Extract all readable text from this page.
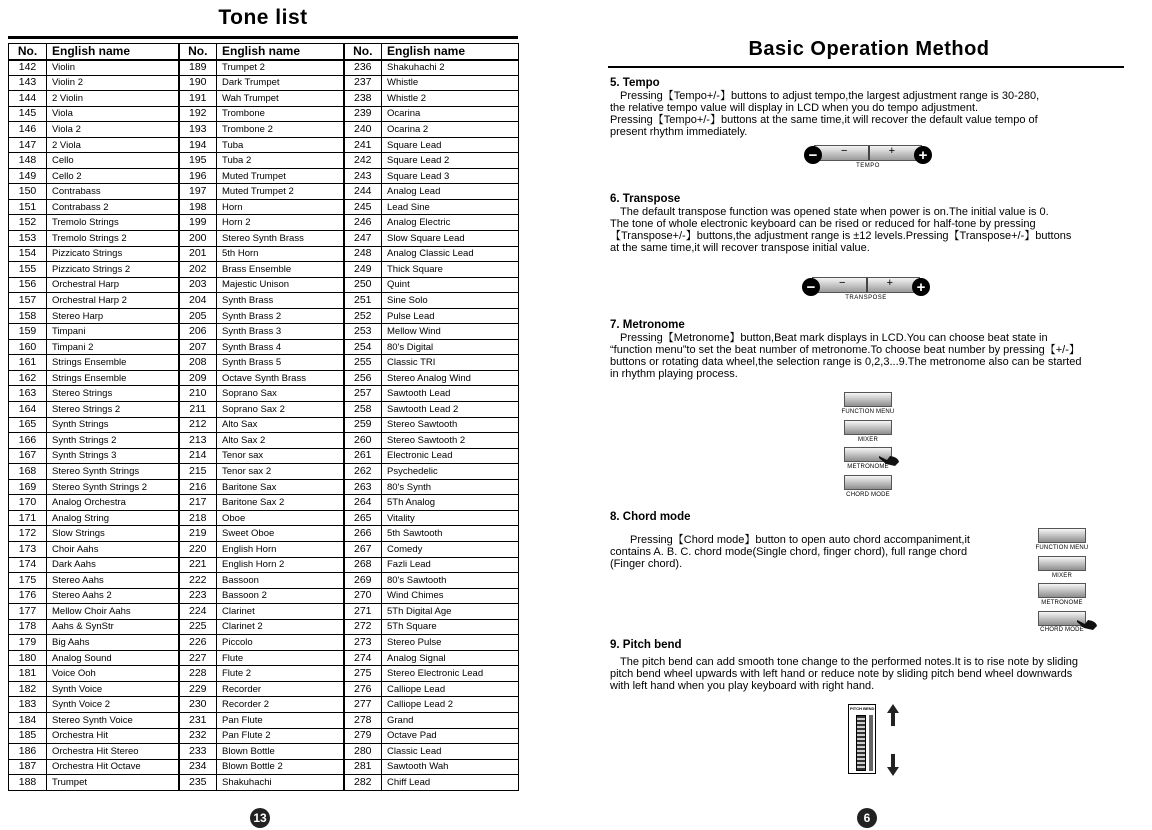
Tone list
No.	English name	No.	English name	No.	English name
142	Violin	189	Trumpet 2	236	Shakuhachi 2
143	Violin 2	190	Dark Trumpet	237	Whistle
144	2 Violin	191	Wah Trumpet	238	Whistle 2
145	Viola	192	Trombone	239	Ocarina
146	Viola 2	193	Trombone 2	240	Ocarina 2
147	2 Viola	194	Tuba	241	Square Lead
148	Cello	195	Tuba 2	242	Square Lead 2
149	Cello 2	196	Muted Trumpet	243	Square Lead 3
150	Contrabass	197	Muted Trumpet 2	244	Analog Lead
151	Contrabass 2	198	Horn	245	Lead Sine
152	Tremolo Strings	199	Horn 2	246	Analog Electric
153	Tremolo Strings 2	200	Stereo Synth Brass	247	Slow Square Lead
154	Pizzicato Strings	201	5th Horn	248	Analog Classic Lead
155	Pizzicato Strings 2	202	Brass Ensemble	249	Thick Square
156	Orchestral Harp	203	Majestic Unison	250	Quint
157	Orchestral Harp 2	204	Synth Brass	251	Sine Solo
158	Stereo Harp	205	Synth Brass 2	252	Pulse Lead
159	Timpani	206	Synth Brass 3	253	Mellow Wind
160	Timpani 2	207	Synth Brass 4	254	80's Digital
161	Strings Ensemble	208	Synth Brass 5	255	Classic TRI
162	Strings Ensemble	209	Octave Synth Brass	256	Stereo Analog Wind
163	Stereo Strings	210	Soprano Sax	257	Sawtooth Lead
164	Stereo Strings 2	211	Soprano Sax 2	258	Sawtooth Lead 2
165	Synth Strings	212	Alto Sax	259	Stereo Sawtooth
166	Synth Strings 2	213	Alto Sax 2	260	Stereo Sawtooth 2
167	Synth Strings 3	214	Tenor sax	261	Electronic Lead
168	Stereo Synth Strings	215	Tenor sax 2	262	Psychedelic
169	Stereo Synth Strings 2	216	Baritone Sax	263	80's Synth
170	Analog Orchestra	217	Baritone Sax 2	264	5Th Analog
171	Analog String	218	Oboe	265	Vitality
172	Slow Strings	219	Sweet Oboe	266	5th Sawtooth
173	Choir Aahs	220	English Horn	267	Comedy
174	Dark Aahs	221	English Horn 2	268	Fazli Lead
175	Stereo Aahs	222	Bassoon	269	80's Sawtooth
176	Stereo Aahs 2	223	Bassoon 2	270	Wind Chimes
177	Mellow Choir Aahs	224	Clarinet	271	5Th Digital Age
178	Aahs & SynStr	225	Clarinet 2	272	5Th Square
179	Big Aahs	226	Piccolo	273	Stereo Pulse
180	Analog Sound	227	Flute	274	Analog Signal
181	Voice Ooh	228	Flute 2	275	Stereo Electronic Lead
182	Synth Voice	229	Recorder	276	Calliope Lead
183	Synth Voice 2	230	Recorder 2	277	Calliope Lead 2
184	Stereo Synth Voice	231	Pan Flute	278	Grand
185	Orchestra Hit	232	Pan Flute 2	279	Octave Pad
186	Orchestra Hit Stereo	233	Blown Bottle	280	Classic Lead
187	Orchestra Hit Octave	234	Blown Bottle 2	281	Sawtooth Wah
188	Trumpet	235	Shakuhachi	282	Chiff Lead
13
Basic Operation Method
5. Tempo

Pressing【Tempo+/-】buttons to adjust tempo,the largest adjustment range is 30-280,

the relative tempo value will display in LCD when you do tempo adjustment.

Pressing【Tempo+/-】buttons at the same time,it will recover the default value tempo of

present rhythm immediately.

−	+
−	+
TEMPO
6. Transpose

The default transpose function was opened state when power is on.The initial value is 0.

The tone of whole electronic keyboard can be rised or reduced for half-tone by pressing

【Transpose+/-】buttons,the adjustment range is ±12 levels.Pressing【Transpose+/-】buttons

at the same time,it will recover transpose initial value.

−	+
−	+
TRANSPOSE
7. Metronome

Pressing【Metronome】button,Beat mark displays in LCD.You can choose beat state in

“function menu”to set the beat number of metronome.To choose beat number by pressing【+/-】

buttons or rotating data wheel,the selection range is 0,2,3...9.The metronome also can be started

in rhythm playing process.

FUNCTION MENU
MIXER
METRONOME
CHORD MODE
8. Chord mode

Pressing【Chord mode】button to open auto chord accompaniment,it

contains A. B. C. chord mode(Single chord, finger chord), full range chord

(Finger chord).

FUNCTION MENU
MIXER
METRONOME
CHORD MODE
9. Pitch bend

The pitch bend can add smooth tone change to the performed notes.It is to rise note by sliding

pitch bend wheel upwards with left hand or reduce note by sliding pitch bend wheel downwards

with left hand when you play keyboard with right hand.

PITCH BEND
6
